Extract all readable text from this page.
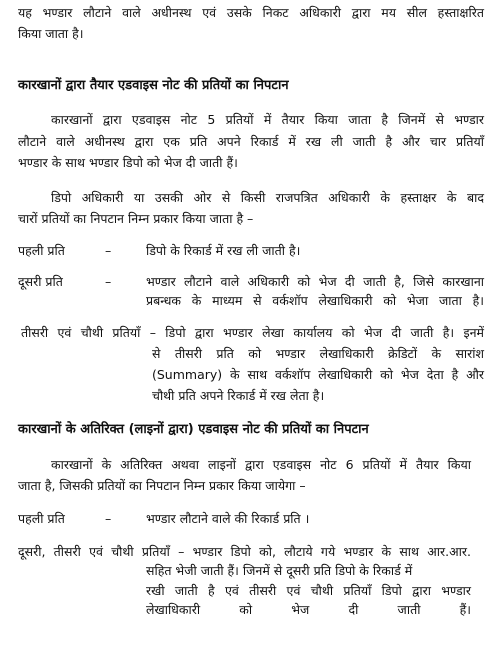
यह भण्डार लौटाने वाले अधीनस्थ एवं उसके निकट अधिकारी द्वारा मय सील हस्ताक्षरित
किया जाता है।
कारखानों द्वारा तैयार एडवाइस नोट की प्रतियों का निपटान
कारखानों द्वारा एडवाइस नोट 5 प्रतियों में तैयार किया जाता है जिनमें से भण्डार
लौटाने वाले अधीनस्थ द्वारा एक प्रति अपने रिकार्ड में रख ली जाती है और चार प्रतियाँ
भण्डार के साथ भण्डार डिपो को भेज दी जाती हैं।
डिपो अधिकारी या उसकी ओर से किसी राजपत्रित अधिकारी के हस्ताक्षर के बाद
चारों प्रतियों का निपटान निम्न प्रकार किया जाता है –
पहली प्रति	–	डिपो के रिकार्ड में रख ली जाती है।
दूसरी प्रति	–	भण्डार लौटाने वाले अधिकारी को भेज दी जाती है, जिसे कारखाना
प्रबन्धक के माध्यम से वर्कशॉप लेखाधिकारी को भेजा जाता है।
तीसरी एवं चौथी प्रतियाँ – डिपो द्वारा भण्डार लेखा कार्यालय को भेज दी जाती है। इनमें
से तीसरी प्रति को भण्डार लेखाधिकारी क्रेडिटों के सारांश
(Summary) के साथ वर्कशॉप लेखाधिकारी को भेज देता है और
चौथी प्रति अपने रिकार्ड में रख लेता है।
कारखानों के अतिरिक्त (लाइनों द्वारा) एडवाइस नोट की प्रतियों का निपटान
कारखानों के अतिरिक्त अथवा लाइनों द्वारा एडवाइस नोट 6 प्रतियों में तैयार किया
जाता है, जिसकी प्रतियों का निपटान निम्न प्रकार किया जायेगा –
पहली प्रति	–	भण्डार लौटाने वाले की रिकार्ड प्रति ।
दूसरी, तीसरी एवं चौथी प्रतियाँ – भण्डार डिपो को, लौटाये गये भण्डार के साथ आर.आर.
सहित भेजी जाती हैं। जिनमें से दूसरी प्रति डिपो के रिकार्ड में
रखी जाती है एवं तीसरी एवं चौथी प्रतियाँ डिपो द्वारा भण्डार
लेखाधिकारी को भेज दी जाती हैं।
